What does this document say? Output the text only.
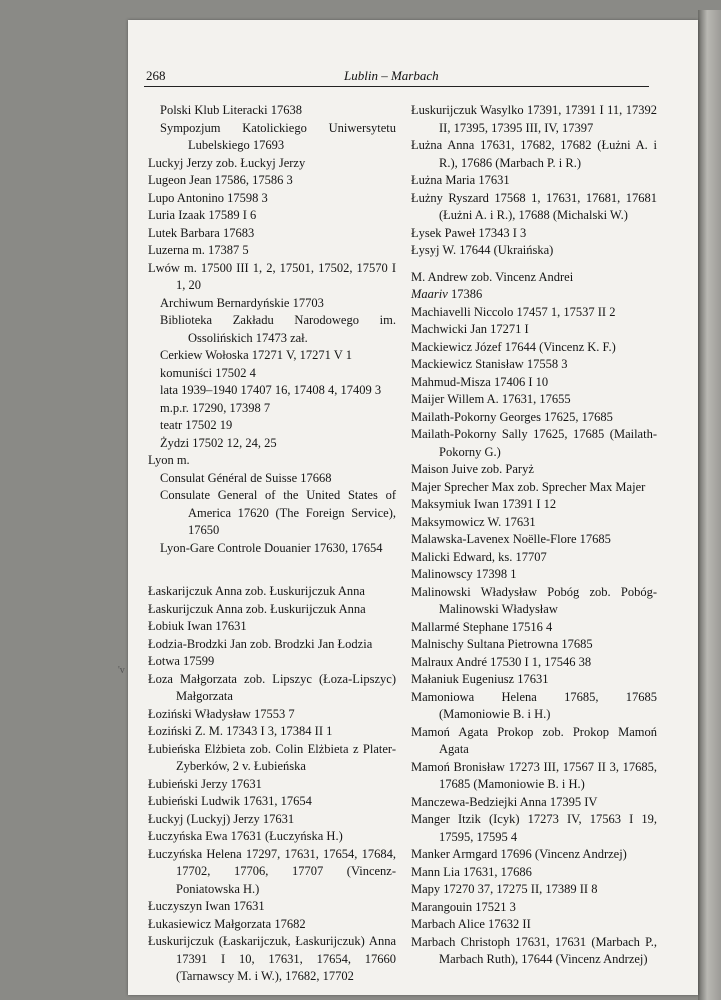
268	Lublin – Marbach
Polski Klub Literacki 17638
Sympozjum Katolickiego Uniwersytetu Lubelskiego 17693
Luckyj Jerzy zob. Łuckyj Jerzy
Lugeon Jean 17586, 17586 3
Lupo Antonino 17598 3
Luria Izaak 17589 I 6
Lutek Barbara 17683
Luzerna m. 17387 5
Lwów m. 17500 III 1, 2, 17501, 17502, 17570 I 1, 20
Archiwum Bernardyńskie 17703
Biblioteka Zakładu Narodowego im. Ossolińskich 17473 zał.
Cerkiew Wołoska 17271 V, 17271 V 1
komuniści 17502 4
lata 1939–1940 17407 16, 17408 4, 17409 3
m.p.r. 17290, 17398 7
teatr 17502 19
Żydzi 17502 12, 24, 25
Lyon m.
Consulat Général de Suisse 17668
Consulate General of the United States of America 17620 (The Foreign Service), 17650
Lyon-Gare Controle Douanier 17630, 17654
Łaskarijczuk Anna zob. Łuskurijczuk Anna
Łaskurijczuk Anna zob. Łuskurijczuk Anna
Łobiuk Iwan 17631
Łodzia-Brodzki Jan zob. Brodzki Jan Łodzia
Łotwa 17599
Łoza Małgorzata zob. Lipszyc (Łoza-Lipszyc) Małgorzata
Łoziński Władysław 17553 7
Łoziński Z. M. 17343 I 3, 17384 II 1
Łubieńska Elżbieta zob. Colin Elżbieta z Plater-Zyberków, 2 v. Łubieńska
Łubieński Jerzy 17631
Łubieński Ludwik 17631, 17654
Łuckyj (Luckyj) Jerzy 17631
Łuczyńska Ewa 17631 (Łuczyńska H.)
Łuczyńska Helena 17297, 17631, 17654, 17684, 17702, 17706, 17707 (Vincenz-Poniatowska H.)
Łuczyszyn Iwan 17631
Łukasiewicz Małgorzata 17682
Łuskurijczuk (Łaskarijczuk, Łaskurijczuk) Anna 17391 I 10, 17631, 17654, 17660 (Tarnawscy M. i W.), 17682, 17702
Łuskurijczuk Wasylko 17391, 17391 I 11, 17392 II, 17395, 17395 III, IV, 17397
Łużna Anna 17631, 17682, 17682 (Łużni A. i R.), 17686 (Marbach P. i R.)
Łużna Maria 17631
Łużny Ryszard 17568 1, 17631, 17681, 17681 (Łużni A. i R.), 17688 (Michalski W.)
Łysek Paweł 17343 I 3
Łysyj W. 17644 (Ukraińska)
M. Andrew zob. Vincenz Andrei
Maariv 17386
Machiavelli Niccolo 17457 1, 17537 II 2
Machwicki Jan 17271 I
Mackiewicz Józef 17644 (Vincenz K. F.)
Mackiewicz Stanisław 17558 3
Mahmud-Misza 17406 I 10
Maijer Willem A. 17631, 17655
Mailath-Pokorny Georges 17625, 17685
Mailath-Pokorny Sally 17625, 17685 (Mailath-Pokorny G.)
Maison Juive zob. Paryż
Majer Sprecher Max zob. Sprecher Max Majer
Maksymiuk Iwan 17391 I 12
Maksymowicz W. 17631
Malawska-Lavenex Noëlle-Flore 17685
Malicki Edward, ks. 17707
Malinowscy 17398 1
Malinowski Władysław Pobóg zob. Pobóg-Malinowski Władysław
Mallarmé Stephane 17516 4
Malnischy Sultana Pietrowna 17685
Malraux André 17530 I 1, 17546 38
Małaniuk Eugeniusz 17631
Mamoniowa Helena 17685, 17685 (Mamoniowie B. i H.)
Mamoń Agata Prokop zob. Prokop Mamoń Agata
Mamoń Bronisław 17273 III, 17567 II 3, 17685, 17685 (Mamoniowie B. i H.)
Manczewa-Bedziejki Anna 17395 IV
Manger Itzik (Icyk) 17273 IV, 17563 I 19, 17595, 17595 4
Manker Armgard 17696 (Vincenz Andrzej)
Mann Lia 17631, 17686
Mapy 17270 37, 17275 II, 17389 II 8
Marangouin 17521 3
Marbach Alice 17632 II
Marbach Christoph 17631, 17631 (Marbach P., Marbach Ruth), 17644 (Vincenz Andrzej)
'v
